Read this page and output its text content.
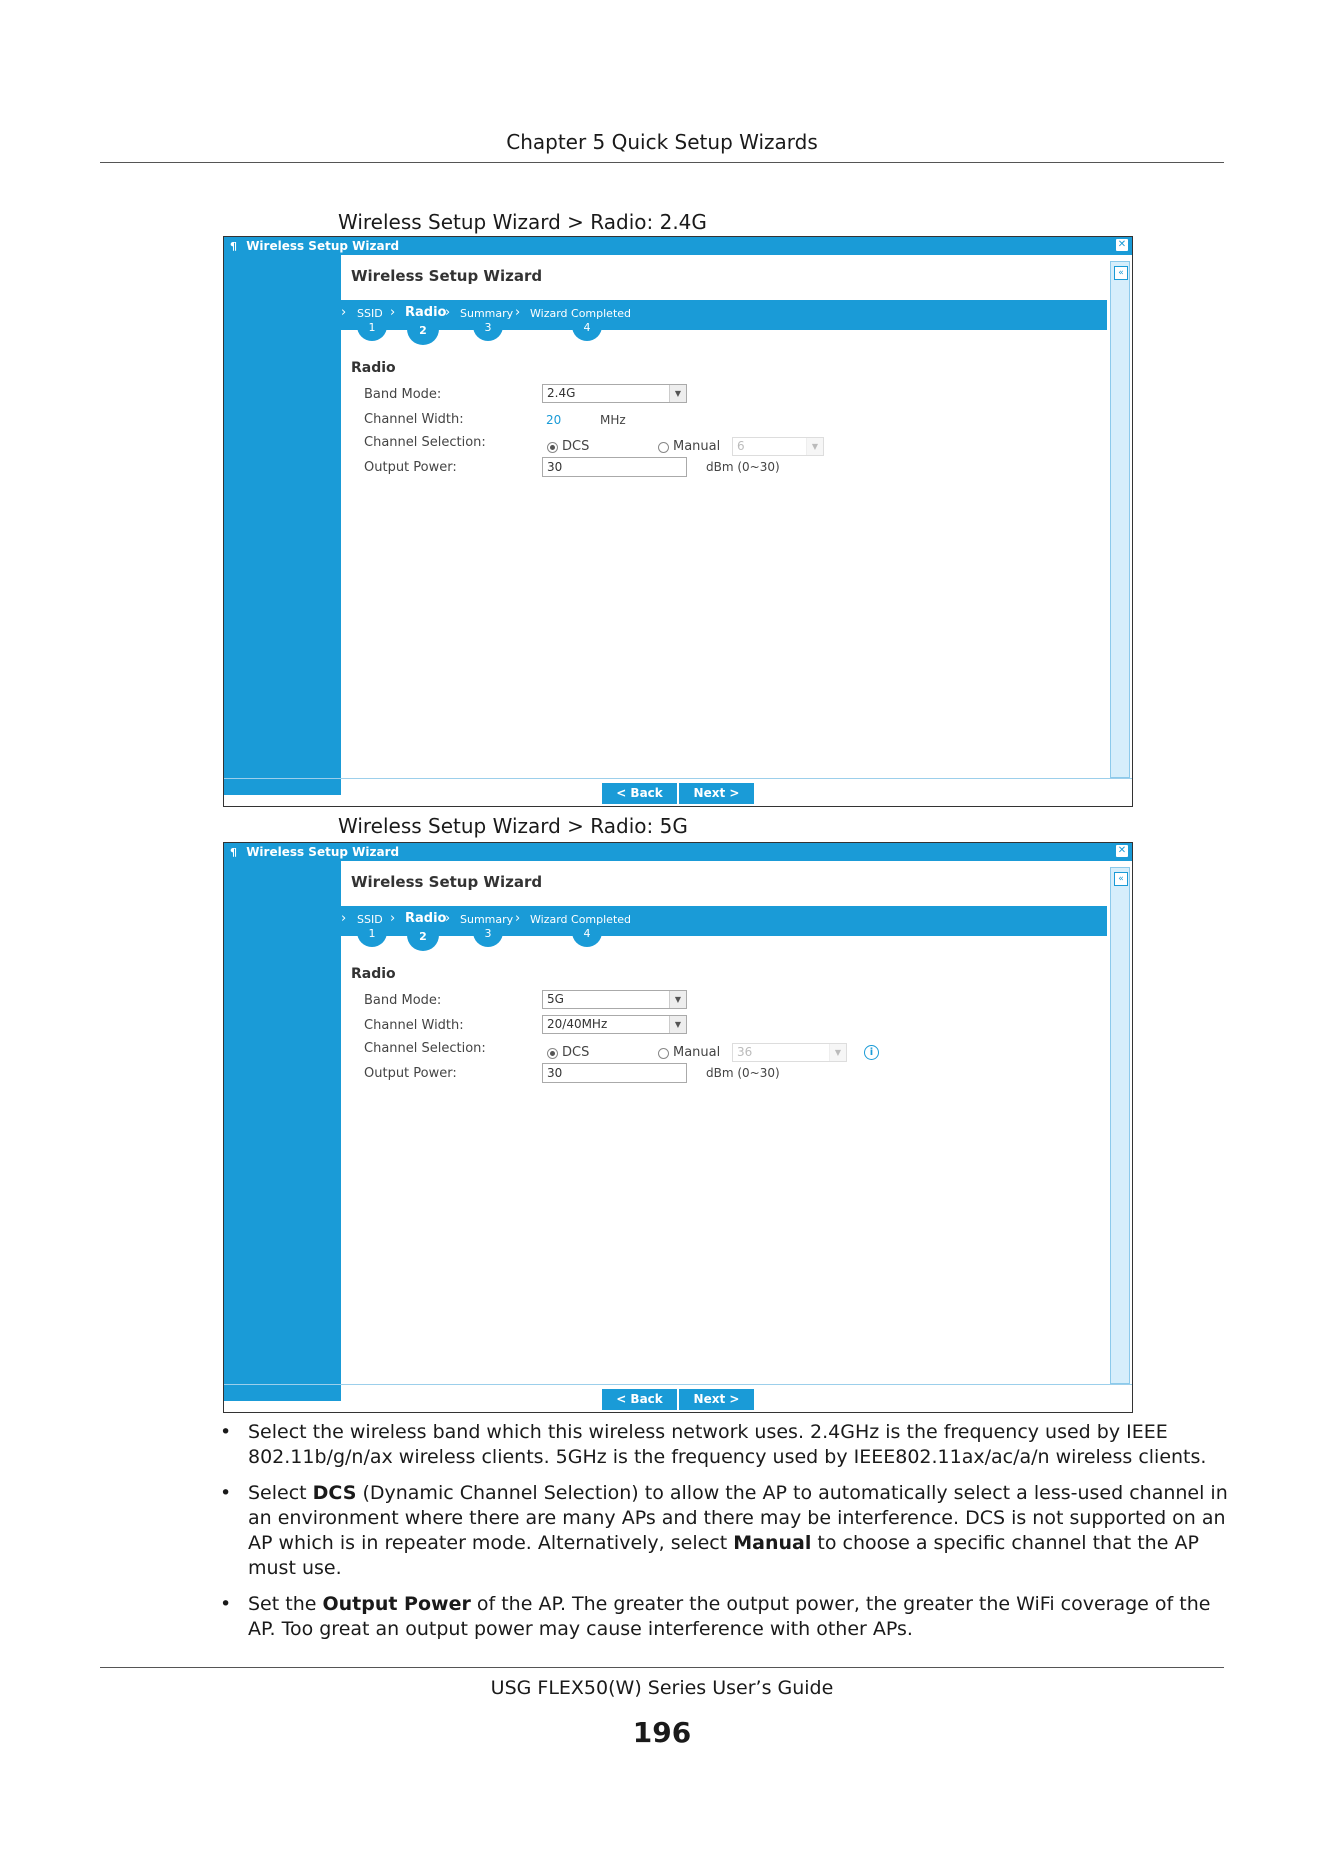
Chapter 5 Quick Setup Wizards
Wireless Setup Wizard > Radio: 2.4G
¶ Wireless Setup Wizard	✕
«
Wireless Setup Wizard
› SSID › Radio
› Summary › Wizard Completed
1	2	3	4
Radio
Band Mode:	2.4G	▼
Channel Width:	20	MHz
Channel Selection:	DCS	Manual	6	▼
Output Power:	30	dBm (0~30)
< Back	Next >
Wireless Setup Wizard > Radio: 5G
¶ Wireless Setup Wizard	✕
«
Wireless Setup Wizard
› SSID › Radio
› Summary › Wizard Completed
1	2	3	4
Radio
Band Mode:	5G	▼
Channel Width:	20/40MHz	▼
Channel Selection:	DCS	Manual	36	▼	i
Output Power:	30	dBm (0~30)
< Back	Next >
• Select the wireless band which this wireless network uses. 2.4GHz is the frequency used by IEEE 802.11b/g/n/ax wireless clients. 5GHz is the frequency used by IEEE802.11ax/ac/a/n wireless clients.
• Select DCS (Dynamic Channel Selection) to allow the AP to automatically select a less-used channel in an environment where there are many APs and there may be interference. DCS is not supported on an AP which is in repeater mode. Alternatively, select Manual to choose a specific channel that the AP must use.
• Set the Output Power of the AP. The greater the output power, the greater the WiFi coverage of the AP. Too great an output power may cause interference with other APs.
USG FLEX50(W) Series User’s Guide
196
